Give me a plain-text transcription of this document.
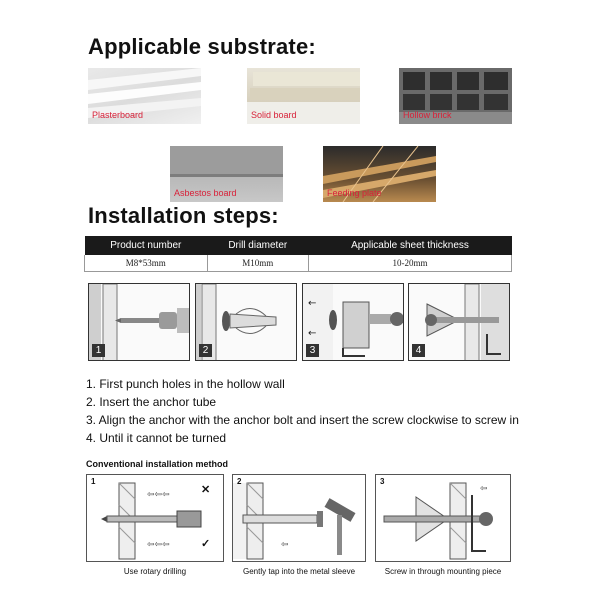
Applicable substrate:
Plasterboard	Solid board	Hollow brick
Asbestos board	Feeding plate
Installation steps:
Product number	Drill diameter	Applicable sheet thickness
M8*53mm	M10mm	10-20mm
1	2
←
←
3	4
1. First punch holes in the hollow wall
2. Insert the anchor tube
3. Align the anchor with the anchor bolt and insert the screw clockwise to screw in
4. Until it cannot be turned
Conventional installation method
1
⇦⇦⇦
⇦⇦⇦
✕
✓
2
⇦
3
⇦
Use rotary drilling	Gently tap into the metal sleeve	Screw in through mounting piece
